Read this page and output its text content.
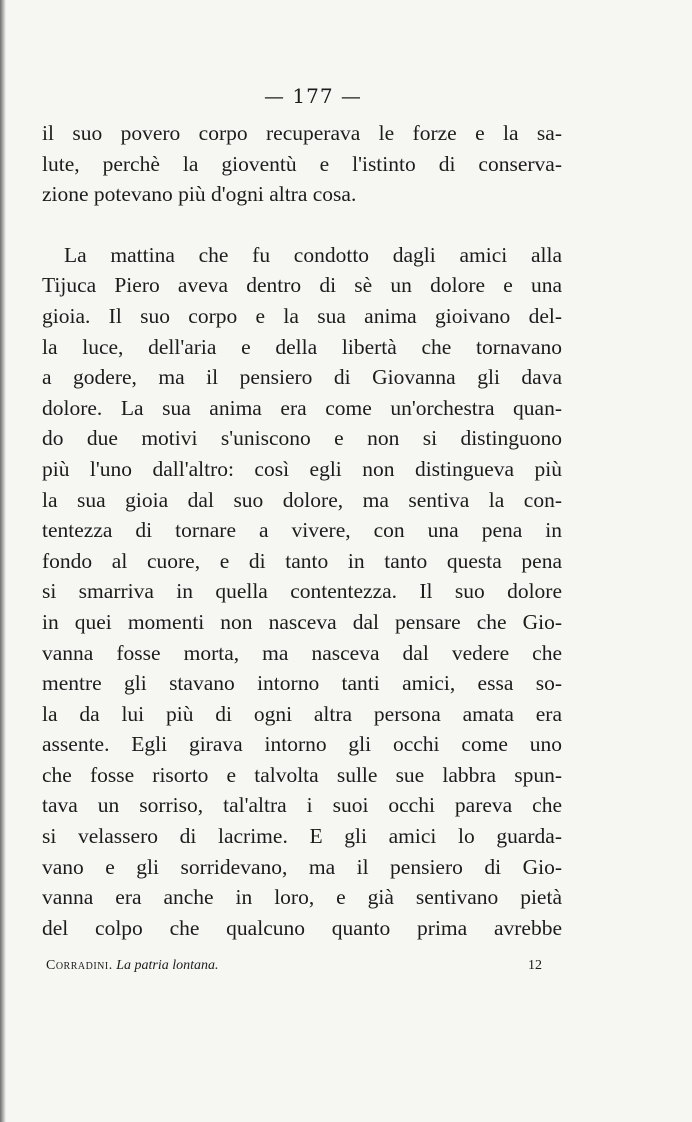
— 177 —
il suo povero corpo recuperava le forze e la sa-
lute, perchè la gioventù e l'istinto di conserva-
zione potevano più d'ogni altra cosa.
La mattina che fu condotto dagli amici alla
Tijuca Piero aveva dentro di sè un dolore e una
gioia. Il suo corpo e la sua anima gioivano del-
la luce, dell'aria e della libertà che tornavano
a godere, ma il pensiero di Giovanna gli dava
dolore. La sua anima era come un'orchestra quan-
do due motivi s'uniscono e non si distinguono
più l'uno dall'altro: così egli non distingueva più
la sua gioia dal suo dolore, ma sentiva la con-
tentezza di tornare a vivere, con una pena in
fondo al cuore, e di tanto in tanto questa pena
si smarriva in quella contentezza. Il suo dolore
in quei momenti non nasceva dal pensare che Gio-
vanna fosse morta, ma nasceva dal vedere che
mentre gli stavano intorno tanti amici, essa so-
la da lui più di ogni altra persona amata era
assente. Egli girava intorno gli occhi come uno
che fosse risorto e talvolta sulle sue labbra spun-
tava un sorriso, tal'altra i suoi occhi pareva che
si velassero di lacrime. E gli amici lo guarda-
vano e gli sorridevano, ma il pensiero di Gio-
vanna era anche in loro, e già sentivano pietà
del colpo che qualcuno quanto prima avrebbe
Corradini. La patria lontana.	12
